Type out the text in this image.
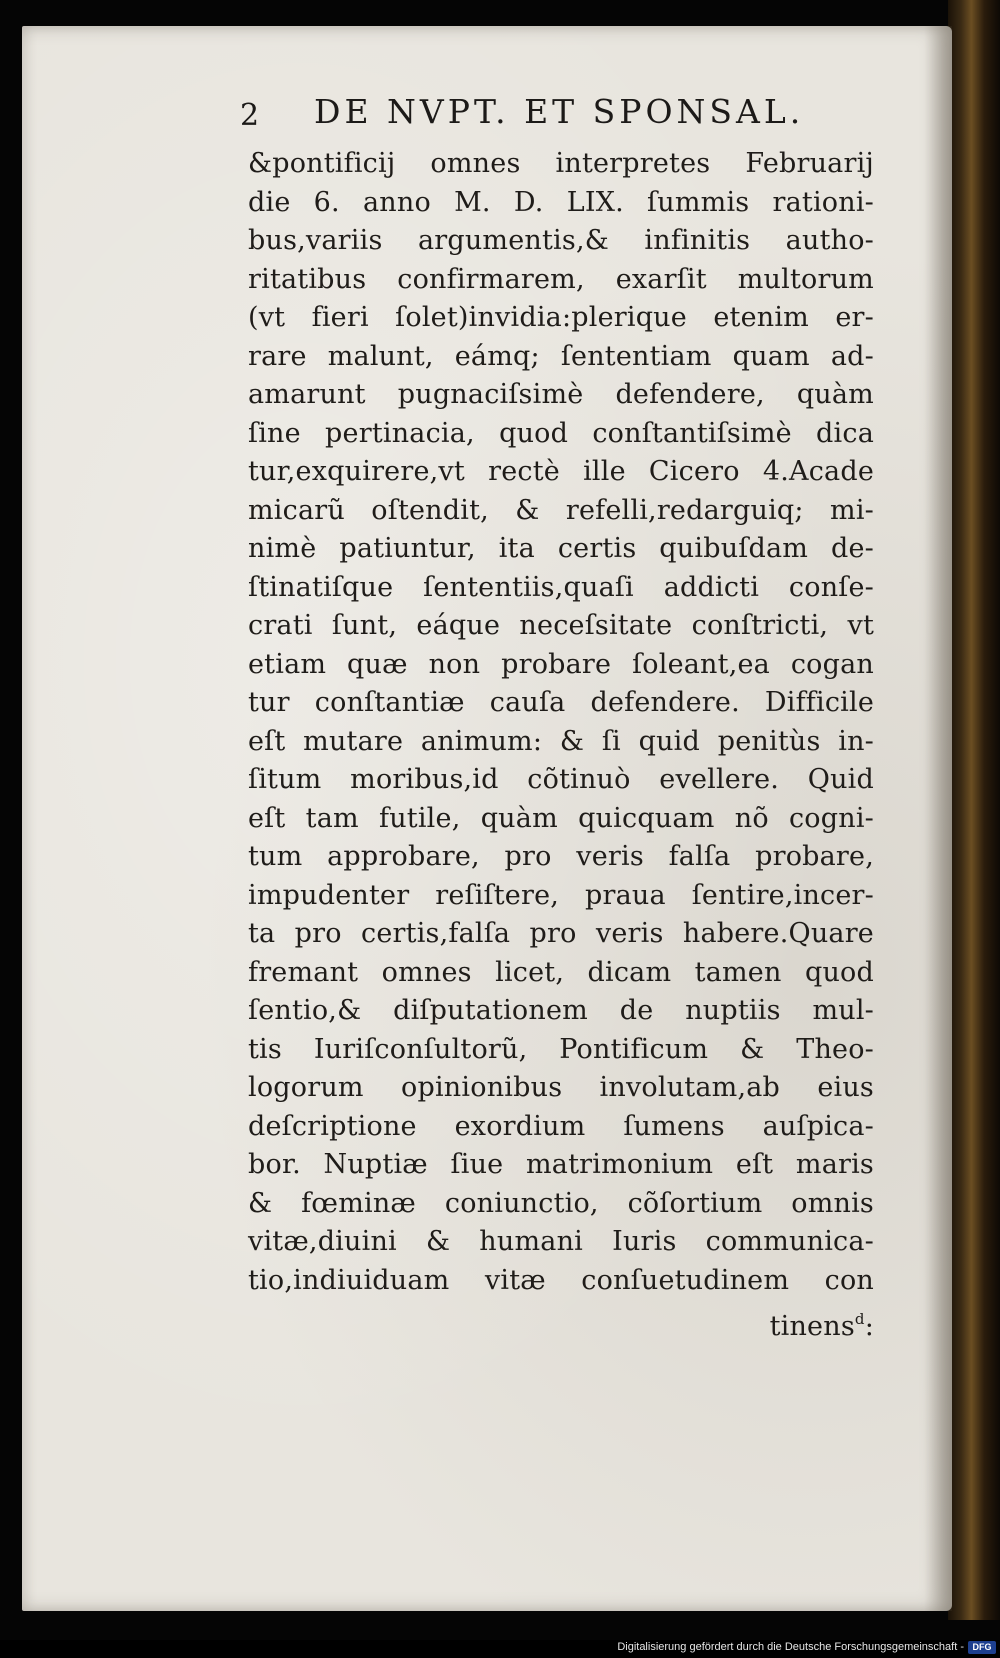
2 DE NVPT. ET SPONSAL.
&pontificij omnes interpretes Februarij
die 6. anno M. D. LIX. ſummis rationi-
bus,variis argumentis,& infinitis autho-
ritatibus confirmarem, exarſit multorum
(vt fieri ſolet)invidia:plerique etenim er-
rare malunt, eámq; ſententiam quam ad-
amarunt pugnaciſsimè defendere, quàm
ſine pertinacia, quod conſtantiſsimè dica
tur,exquirere,vt rectè ille Cicero 4.Acade
micarũ oſtendit, & refelli,redarguiq; mi-
nimè patiuntur, ita certis quibuſdam de-
ſtinatiſque ſententiis,quaſi addicti conſe-
crati ſunt, eáque neceſsitate conſtricti, vt
etiam quæ non probare ſoleant,ea cogan
tur conſtantiæ cauſa defendere. Difficile
eſt mutare animum: & ſi quid penitùs in-
ſitum moribus,id cõtinuò evellere. Quid
eſt tam futile, quàm quicquam nõ cogni-
tum approbare, pro veris falſa probare,
impudenter reſiſtere, praua ſentire,incer-
ta pro certis,falſa pro veris habere.Quare
fremant omnes licet, dicam tamen quod
ſentio,& diſputationem de nuptiis mul-
tis Iuriſconſultorũ, Pontificum & Theo-
logorum opinionibus involutam,ab eius
deſcriptione exordium ſumens auſpica-
bor. Nuptiæ ſiue matrimonium eſt maris
& fœminæ coniunctio, cõſortium omnis
vitæ,diuini & humani Iuris communica-
tio,indiuiduam vitæ conſuetudinem con
tinens$^d$:
Digitalisierung gefördert durch die Deutsche Forschungsgemeinschaft - DFG
